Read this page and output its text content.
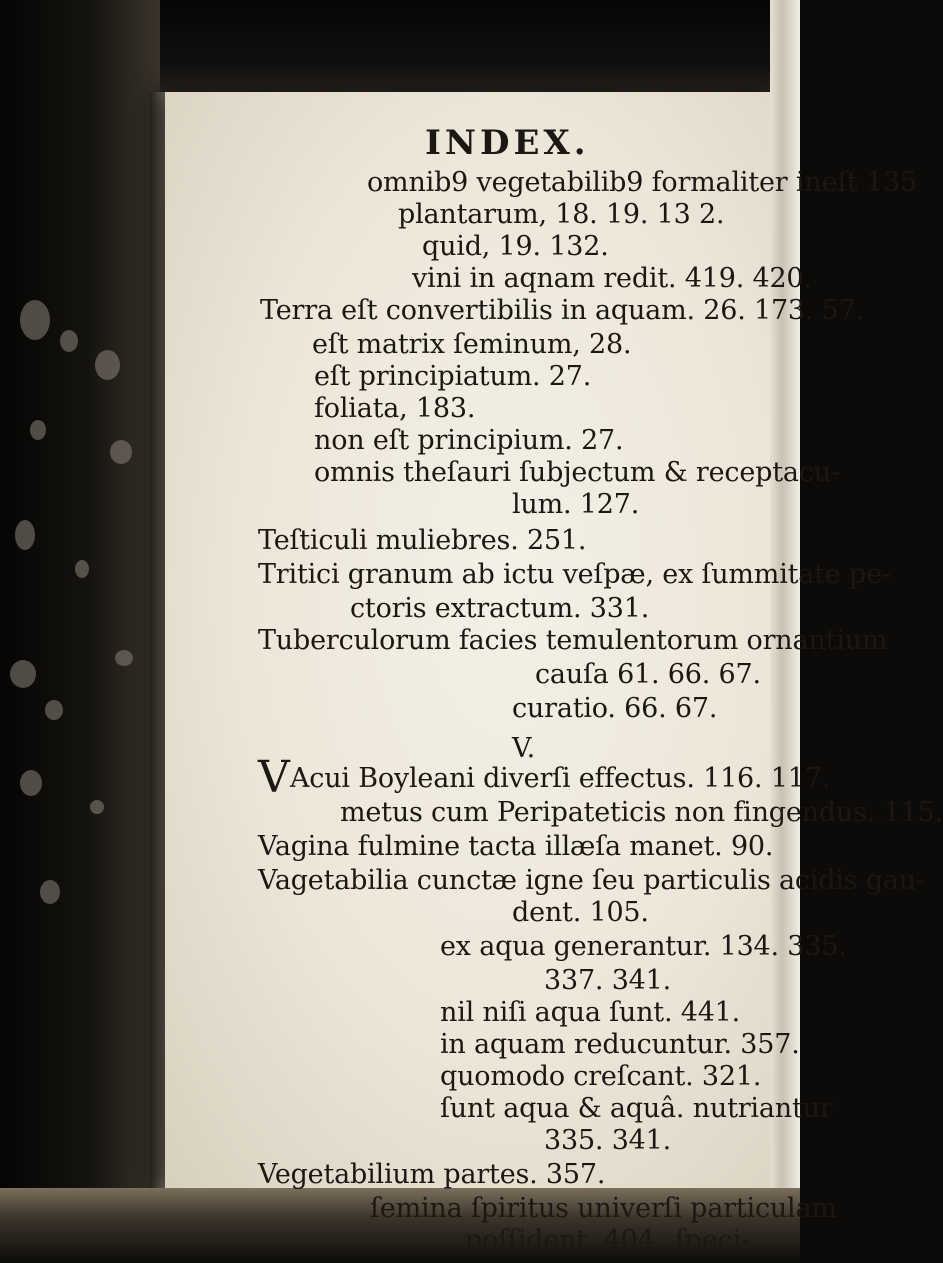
INDEX.
omnib9 vegetabilib9 formaliter ineſt 135
plantarum, 18. 19. 13 2.
quid, 19. 132.
vini in aqnam redit. 419. 420.
Terra eſt convertibilis in aquam. 26. 173. 57.
eſt matrix ſeminum, 28.
eſt principiatum. 27.
foliata, 183.
non eſt principium. 27.
omnis theſauri ſubjectum & receptacu-
lum. 127.
Teſticuli muliebres. 251.
Tritici granum ab ictu veſpæ, ex ſummitate pe-
ctoris extractum. 331.
Tuberculorum facies temulentorum ornantium
cauſa 61. 66. 67.
curatio. 66. 67.
V.
V Acui Boyleani diverſi effectus. 116. 117.
metus cum Peripateticis non fingendus. 115.
Vagina fulmine tacta illæſa manet. 90.
Vagetabilia cunctæ igne ſeu particulis acidis gau-
dent. 105.
ex aqua generantur. 134. 335.
337. 341.
nil niſi aqua ſunt. 441.
in aquam reducuntur. 357.
quomodo creſcant. 321.
ſunt aqua & aquâ. nutriantur
335. 341.
Vegetabilium partes. 357.
ſemina ſpiritus univerſi particulam
poſſident. 404. ſpeci-
